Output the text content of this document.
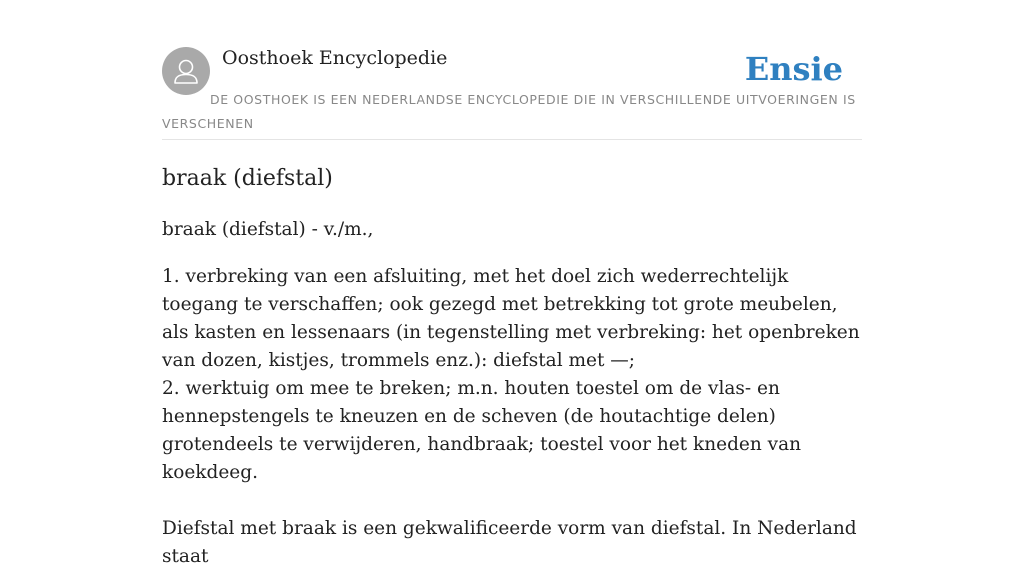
Oosthoek Encyclopedie	Ensie
DE OOSTHOEK IS EEN NEDERLANDSE ENCYCLOPEDIE DIE IN VERSCHILLENDE UITVOERINGEN IS VERSCHENEN
braak (diefstal)

braak (diefstal) - v./m.,

1. verbreking van een afsluiting, met het doel zich wederrechtelijk toegang te verschaffen; ook gezegd met betrekking tot grote meubelen, als kasten en lessenaars (in tegenstelling met verbreking: het openbreken van dozen, kistjes, trommels enz.): diefstal met —;

2. werktuig om mee te breken; m.n. houten toestel om de vlas- en hennepstengels te kneuzen en de scheven (de houtachtige delen) grotendeels te verwijderen, handbraak; toestel voor het kneden van koekdeeg.

Diefstal met braak is een gekwalificeerde vorm van diefstal. In Nederland staat
